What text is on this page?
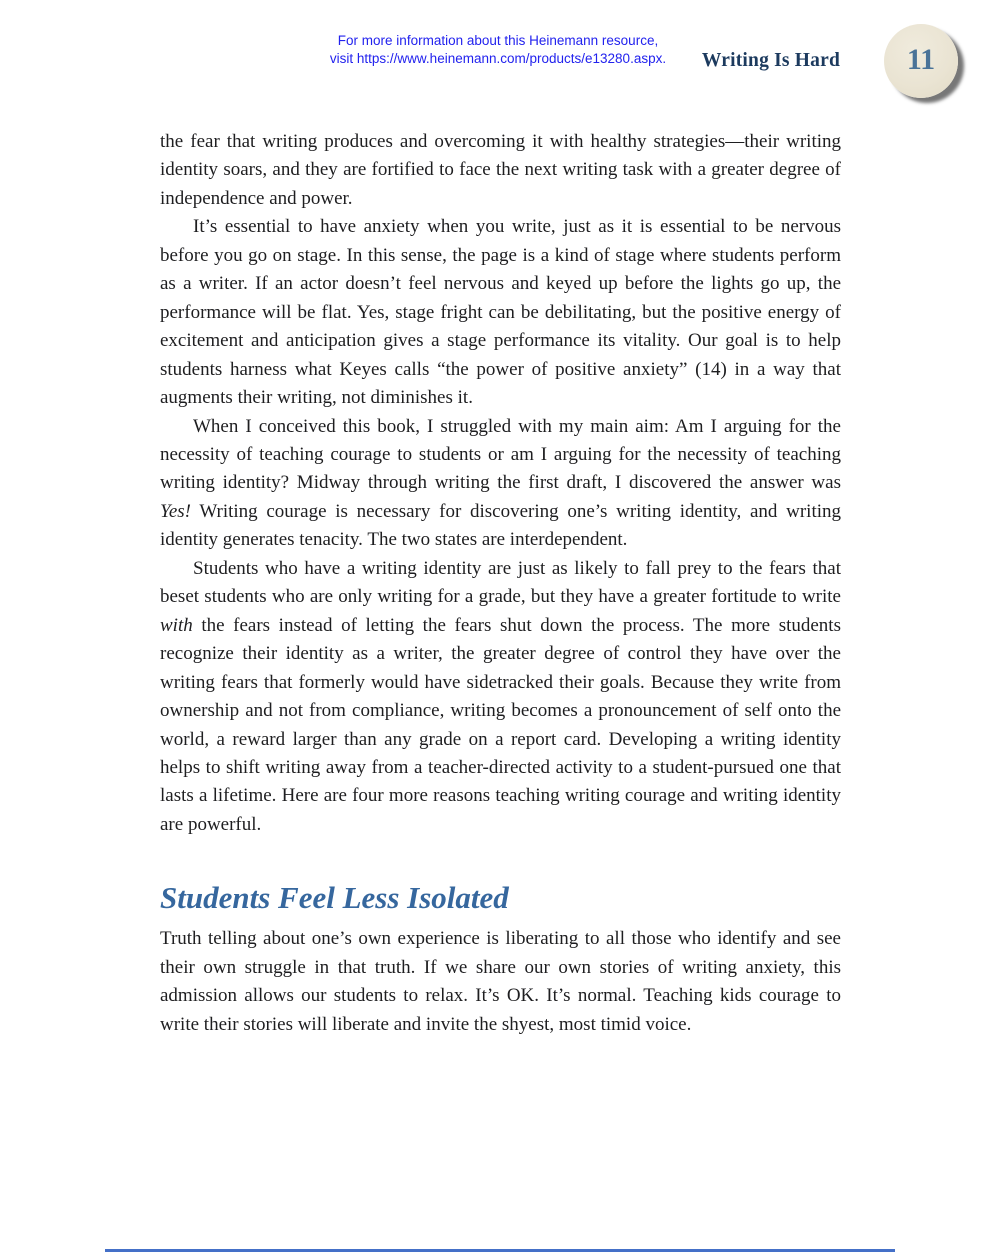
For more information about this Heinemann resource,
visit https://www.heinemann.com/products/e13280.aspx.	Writing Is Hard 11

the fear that writing produces and overcoming it with healthy strategies—their writing identity soars, and they are fortified to face the next writing task with a greater degree of independence and power.

It’s essential to have anxiety when you write, just as it is essential to be nervous before you go on stage. In this sense, the page is a kind of stage where students perform as a writer. If an actor doesn’t feel nervous and keyed up before the lights go up, the performance will be flat. Yes, stage fright can be debilitating, but the positive energy of excitement and anticipation gives a stage performance its vitality. Our goal is to help students harness what Keyes calls “the power of positive anxiety” (14) in a way that augments their writing, not diminishes it.

When I conceived this book, I struggled with my main aim: Am I arguing for the necessity of teaching courage to students or am I arguing for the necessity of teaching writing identity? Midway through writing the first draft, I discovered the answer was Yes! Writing courage is necessary for discovering one’s writing identity, and writing identity generates tenacity. The two states are interdependent.

Students who have a writing identity are just as likely to fall prey to the fears that beset students who are only writing for a grade, but they have a greater fortitude to write with the fears instead of letting the fears shut down the process. The more students recognize their identity as a writer, the greater degree of control they have over the writing fears that formerly would have sidetracked their goals. Because they write from ownership and not from compliance, writing becomes a pronouncement of self onto the world, a reward larger than any grade on a report card. Developing a writing identity helps to shift writing away from a teacher-directed activity to a student-pursued one that lasts a lifetime. Here are four more reasons teaching writing courage and writing identity are powerful.

Students Feel Less Isolated

Truth telling about one’s own experience is liberating to all those who identify and see their own struggle in that truth. If we share our own stories of writing anxiety, this admission allows our students to relax. It’s OK. It’s normal. Teaching kids courage to write their stories will liberate and invite the shyest, most timid voice.
